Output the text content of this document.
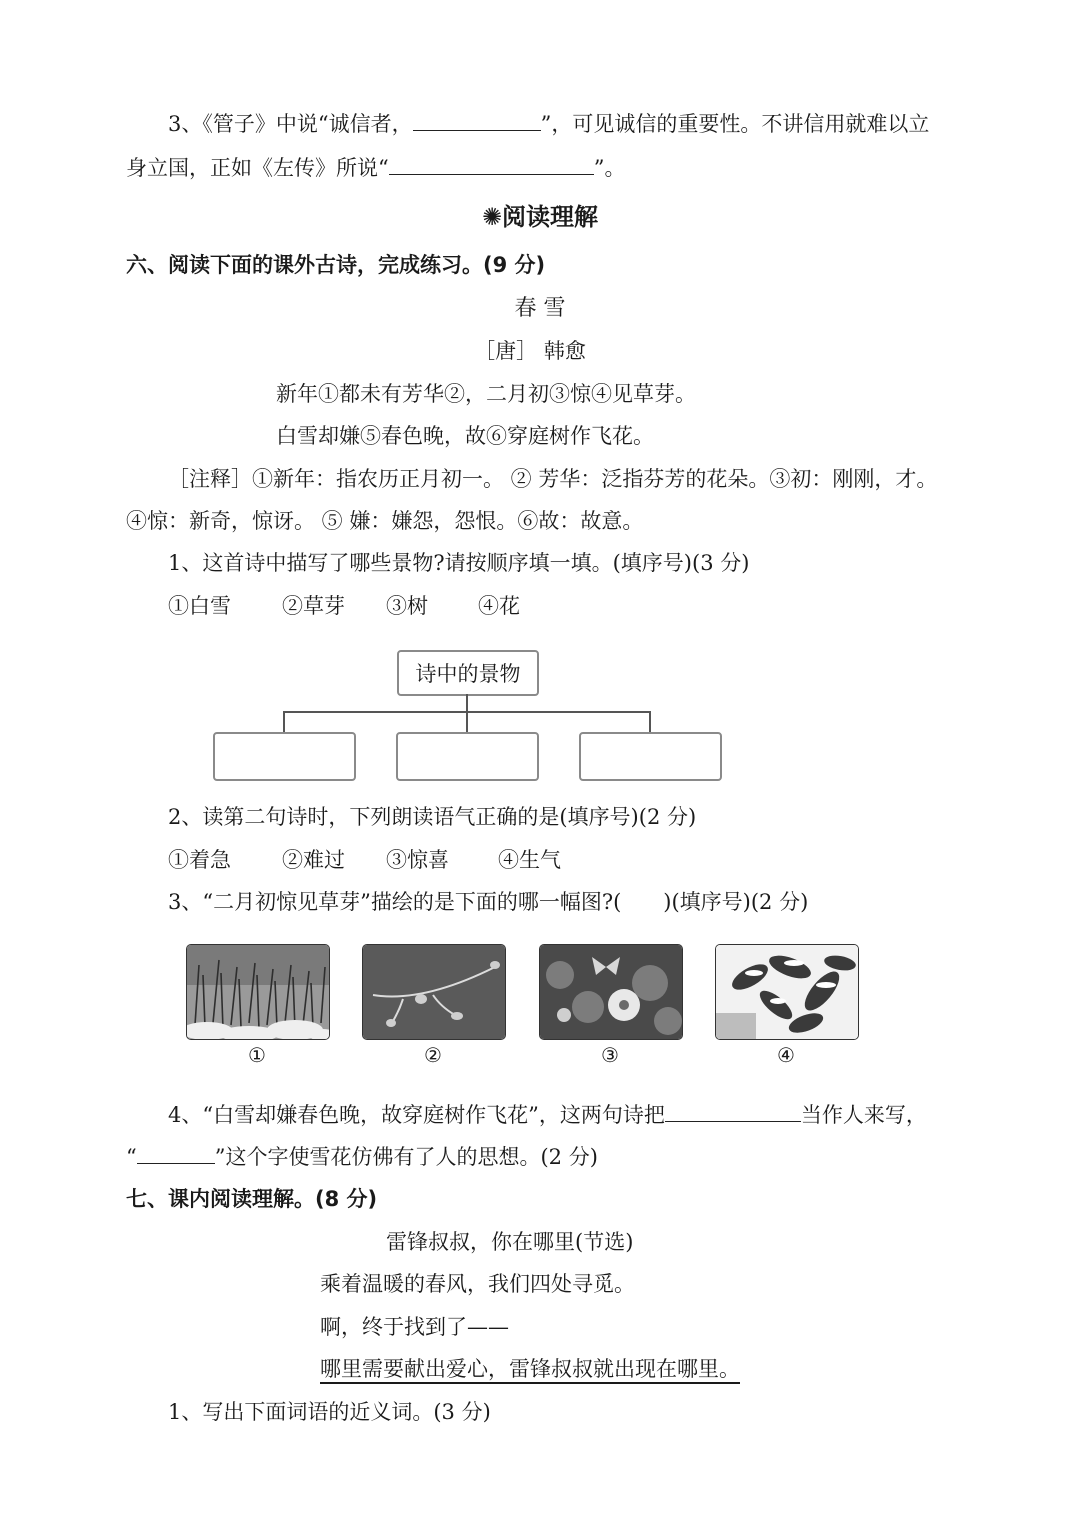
3、《管子》中说“诚信者，	”，可见诚信的重要性。不讲信用就难以立
身立国，正如《左传》所说“	”。
✺阅读理解
六、阅读下面的课外古诗，完成练习。(9 分)
春 雪
［唐］ 韩愈
新年①都未有芳华②，二月初③惊④见草芽。
白雪却嫌⑤春色晚，故⑥穿庭树作飞花。
［注释］①新年：指农历正月初一。 ② 芳华：泛指芬芳的花朵。③初：刚刚，才。
④惊：新奇，惊讶。 ⑤ 嫌：嫌怨，怨恨。⑥故：故意。
1、这首诗中描写了哪些景物?请按顺序填一填。(填序号)(3 分)
①白雪 ②草芽 ③树 ④花
诗中的景物
2、读第二句诗时，下列朗读语气正确的是(填序号)(2 分)
①着急 ②难过 ③惊喜 ④生气
3、“二月初惊见草芽”描绘的是下面的哪一幅图?(　　)(填序号)(2 分)
①	②	③	④
4、“白雪却嫌春色晚，故穿庭树作飞花”，这两句诗把	当作人来写，
“	”这个字使雪花仿佛有了人的思想。(2 分)
七、课内阅读理解。(8 分)
雷锋叔叔，你在哪里(节选)
乘着温暖的春风，我们四处寻觅。
啊，终于找到了——
哪里需要献出爱心，雷锋叔叔就出现在哪里。
1、写出下面词语的近义词。(3 分)
